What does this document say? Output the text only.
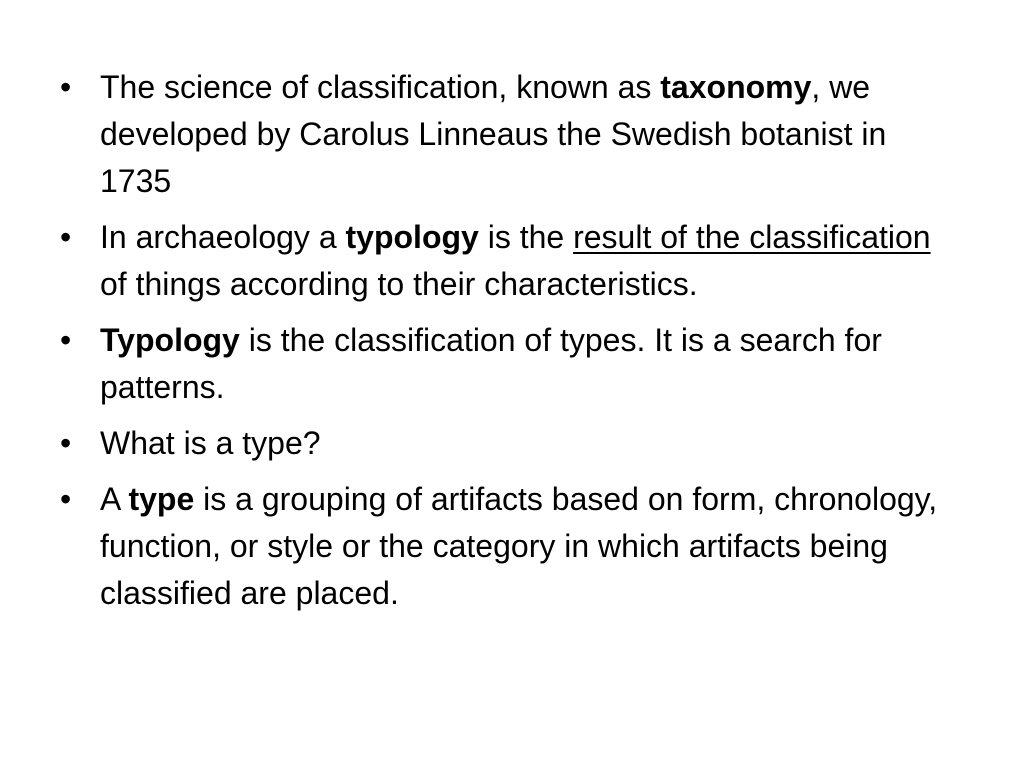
• The science of classification, known as taxonomy, we developed by Carolus Linneaus the Swedish botanist in 1735
• In archaeology a typology is the result of the classification of things according to their characteristics.
• Typology is the classification of types. It is a search for patterns.
• What is a type?
• A type is a grouping of artifacts based on form, chronology, function, or style or the category in which artifacts being classified are placed.
